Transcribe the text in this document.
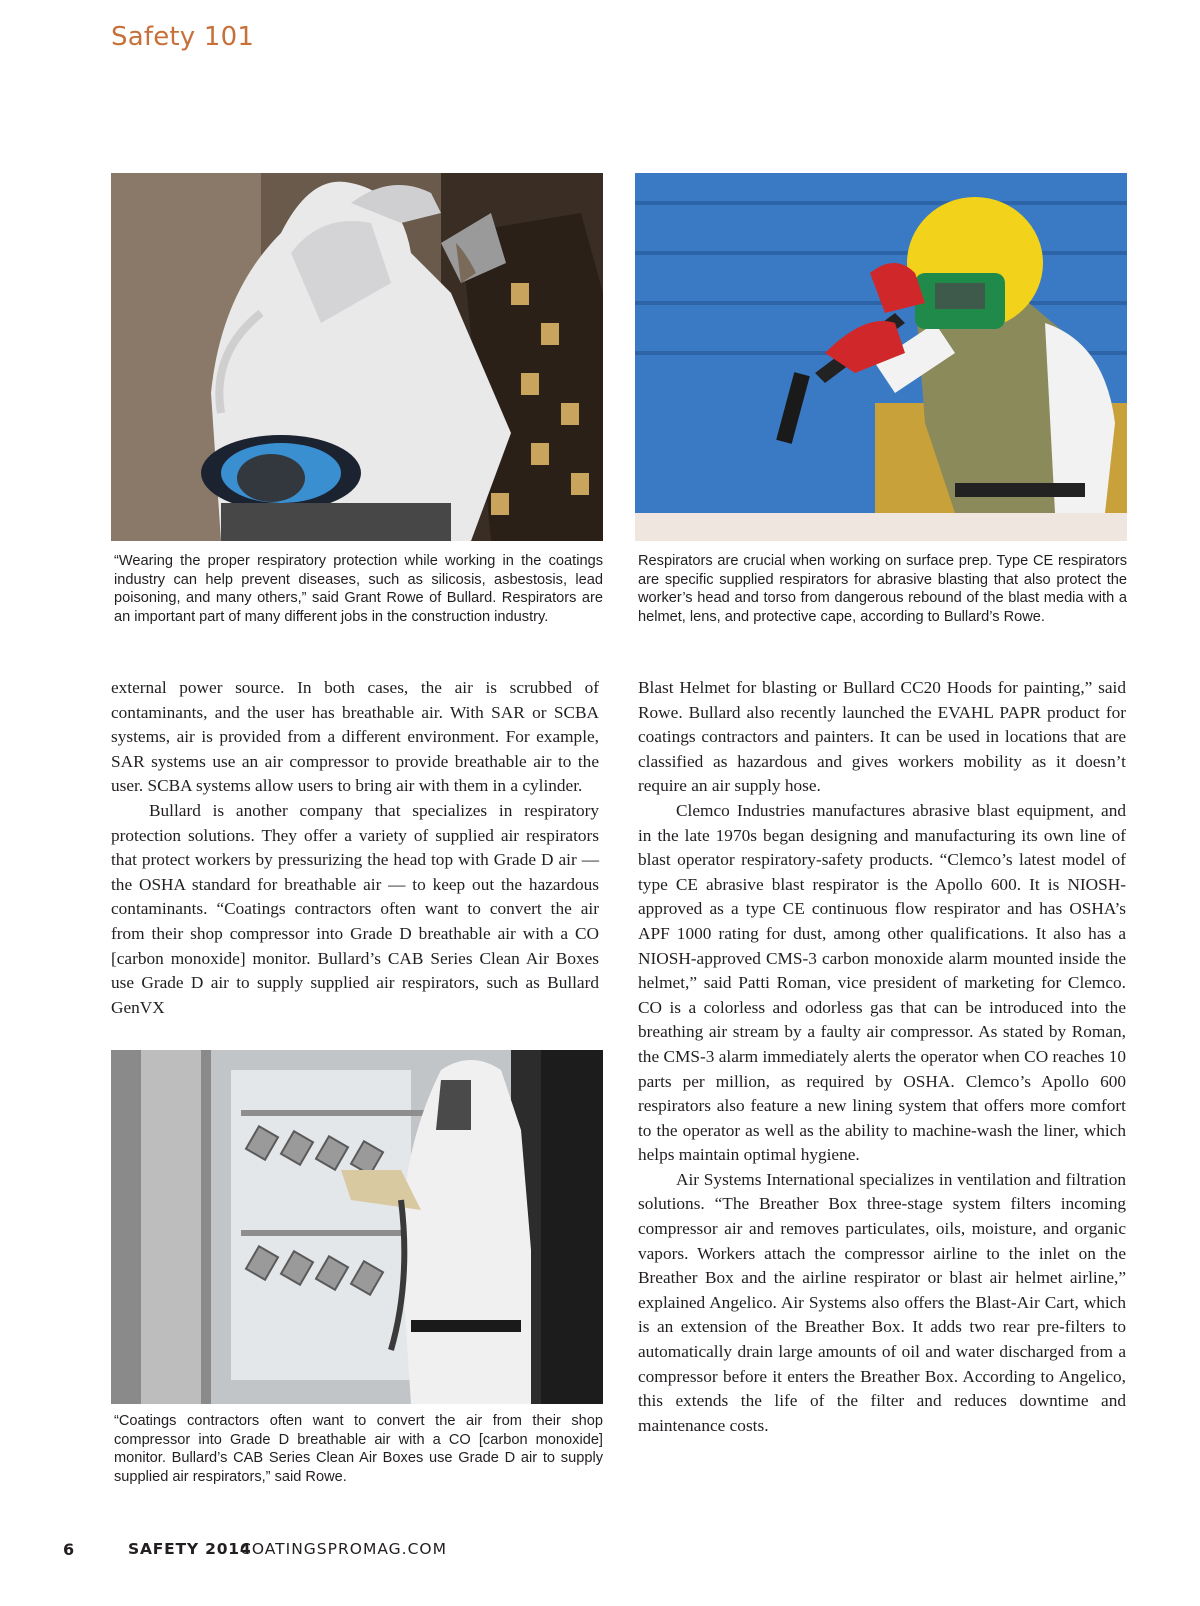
Safety 101

“Wearing the proper respiratory protection while working in the coatings industry can help prevent diseases, such as silicosis, asbestosis, lead poisoning, and many others,” said Grant Rowe of Bullard. Respirators are an important part of many different jobs in the construction industry.

Respirators are crucial when working on surface prep. Type CE respirators are specific supplied respirators for abrasive blasting that also protect the worker’s head and torso from dangerous rebound of the blast media with a helmet, lens, and protective cape, according to Bullard’s Rowe.

external power source. In both cases, the air is scrubbed of contaminants, and the user has breathable air. With SAR or SCBA systems, air is provided from a different environment. For example, SAR systems use an air compressor to provide breathable air to the user. SCBA systems allow users to bring air with them in a cylinder.

Bullard is another company that specializes in respiratory protection solutions. They offer a variety of supplied air respirators that protect workers by pressurizing the head top with Grade D air — the OSHA standard for breathable air — to keep out the hazardous contaminants. “Coatings contractors often want to convert the air from their shop compressor into Grade D breathable air with a CO [carbon monoxide] monitor. Bullard’s CAB Series Clean Air Boxes use Grade D air to supply supplied air respirators, such as Bullard GenVX

“Coatings contractors often want to convert the air from their shop compressor into Grade D breathable air with a CO [carbon monoxide] monitor. Bullard’s CAB Series Clean Air Boxes use Grade D air to supply supplied air respirators,” said Rowe.

Blast Helmet for blasting or Bullard CC20 Hoods for painting,” said Rowe. Bullard also recently launched the EVAHL PAPR product for coatings contractors and painters. It can be used in locations that are classified as hazardous and gives workers mobility as it doesn’t require an air supply hose.

Clemco Industries manufactures abrasive blast equipment, and in the late 1970s began designing and manufacturing its own line of blast operator respiratory-safety products. “Clemco’s latest model of type CE abrasive blast respirator is the Apollo 600. It is NIOSH-approved as a type CE continuous flow respirator and has OSHA’s APF 1000 rating for dust, among other qualifications. It also has a NIOSH-approved CMS-3 carbon monoxide alarm mounted inside the helmet,” said Patti Roman, vice president of marketing for Clemco. CO is a colorless and odorless gas that can be introduced into the breathing air stream by a faulty air compressor. As stated by Roman, the CMS-3 alarm immediately alerts the operator when CO reaches 10 parts per million, as required by OSHA. Clemco’s Apollo 600 respirators also feature a new lining system that offers more comfort to the operator as well as the ability to machine-wash the liner, which helps maintain optimal hygiene.

Air Systems International specializes in ventilation and filtration solutions. “The Breather Box three-stage system filters incoming compressor air and removes particulates, oils, moisture, and organic vapors. Workers attach the compressor airline to the inlet on the Breather Box and the airline respirator or blast air helmet airline,” explained Angelico. Air Systems also offers the Blast-Air Cart, which is an extension of the Breather Box. It adds two rear pre-filters to automatically drain large amounts of oil and water discharged from a compressor before it enters the Breather Box. According to Angelico, this extends the life of the filter and reduces downtime and maintenance costs.

6	SAFETY 2014
COATINGSPROMAG.COM
